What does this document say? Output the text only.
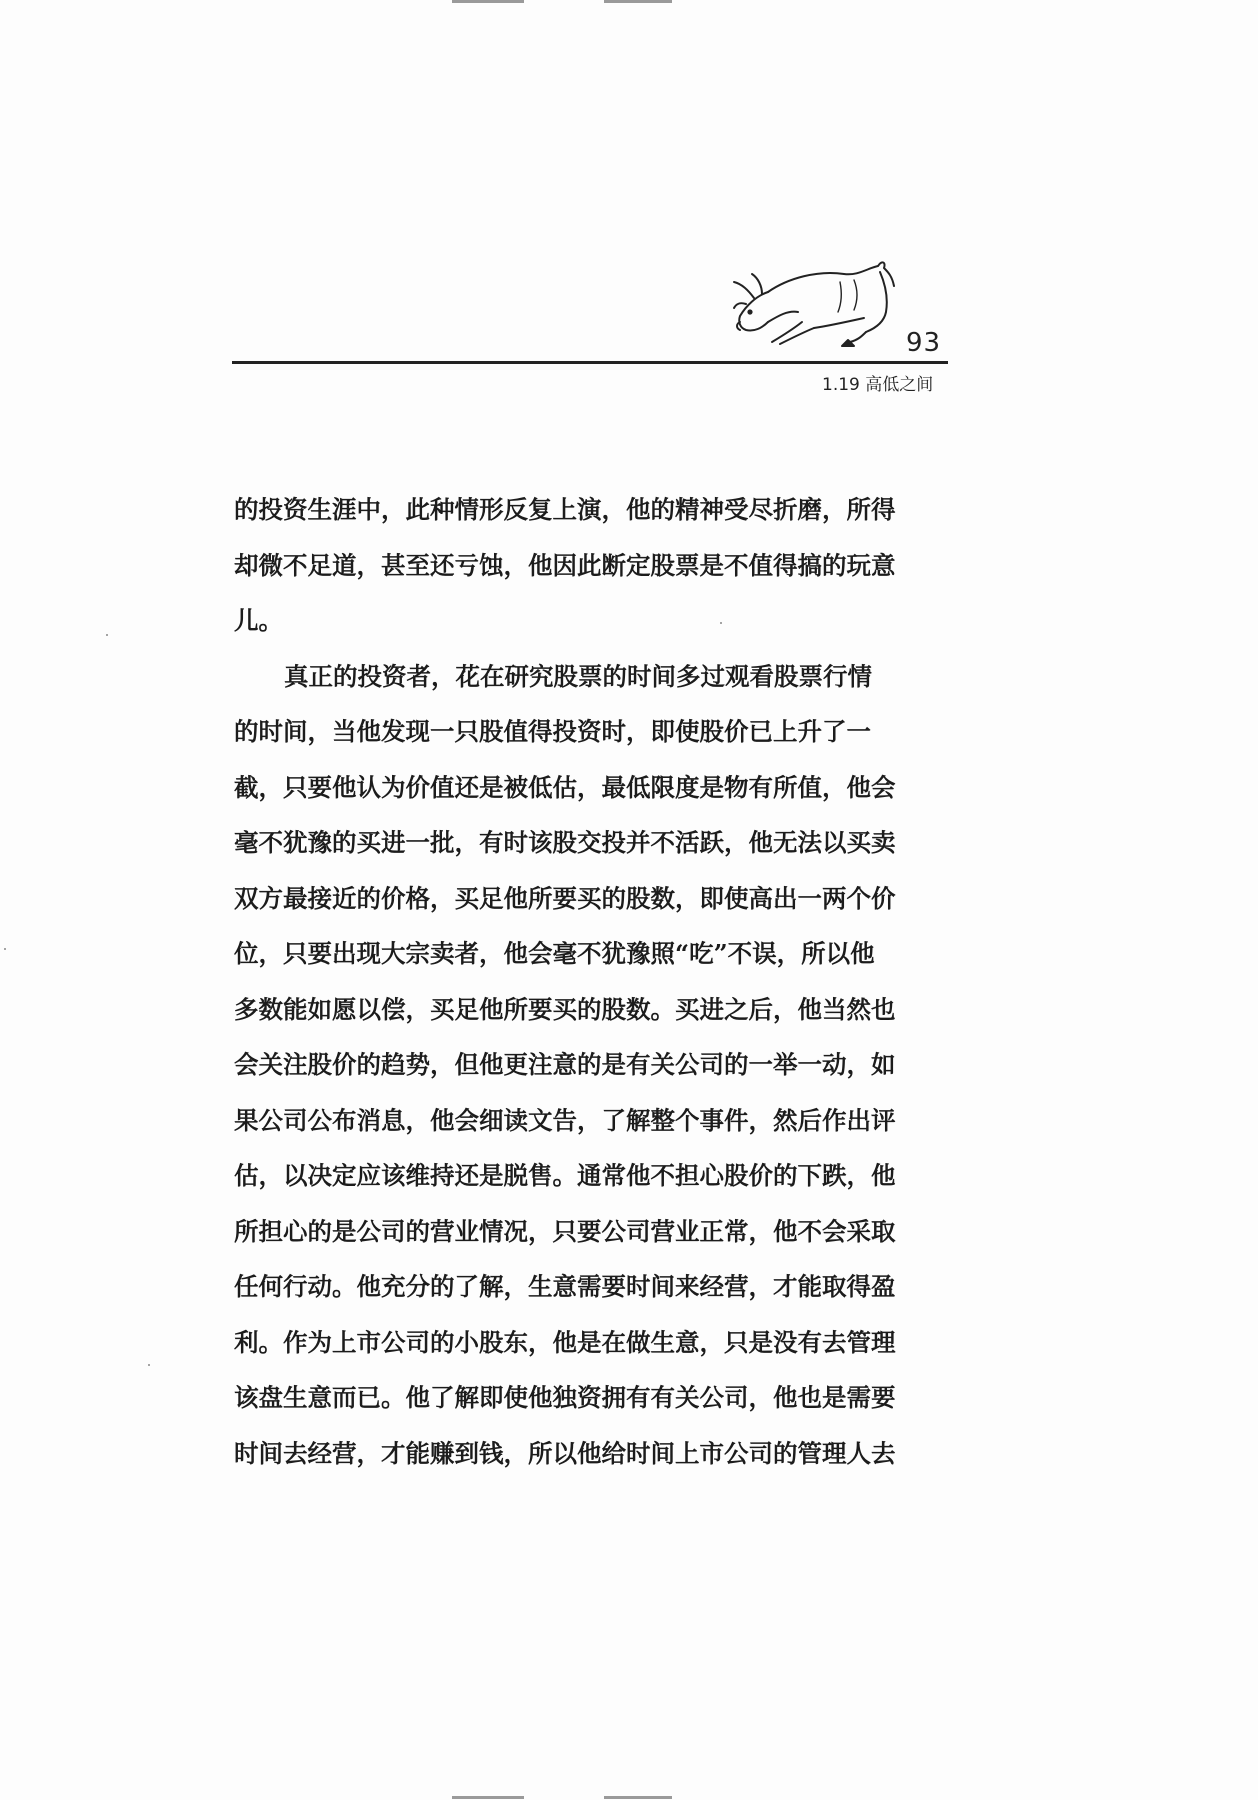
93
1.19 高低之间
的投资生涯中，此种情形反复上演，他的精神受尽折磨，所得
却微不足道，甚至还亏蚀，他因此断定股票是不值得搞的玩意
儿。
真正的投资者，花在研究股票的时间多过观看股票行情
的时间，当他发现一只股值得投资时，即使股价已上升了一
截，只要他认为价值还是被低估，最低限度是物有所值，他会
毫不犹豫的买进一批，有时该股交投并不活跃，他无法以买卖
双方最接近的价格，买足他所要买的股数，即使高出一两个价
位，只要出现大宗卖者，他会毫不犹豫照“吃”不误，所以他
多数能如愿以偿，买足他所要买的股数。买进之后，他当然也
会关注股价的趋势，但他更注意的是有关公司的一举一动，如
果公司公布消息，他会细读文告，了解整个事件，然后作出评
估，以决定应该维持还是脱售。通常他不担心股价的下跌，他
所担心的是公司的营业情况，只要公司营业正常，他不会采取
任何行动。他充分的了解，生意需要时间来经营，才能取得盈
利。作为上市公司的小股东，他是在做生意，只是没有去管理
该盘生意而已。他了解即使他独资拥有有关公司，他也是需要
时间去经营，才能赚到钱，所以他给时间上市公司的管理人去
